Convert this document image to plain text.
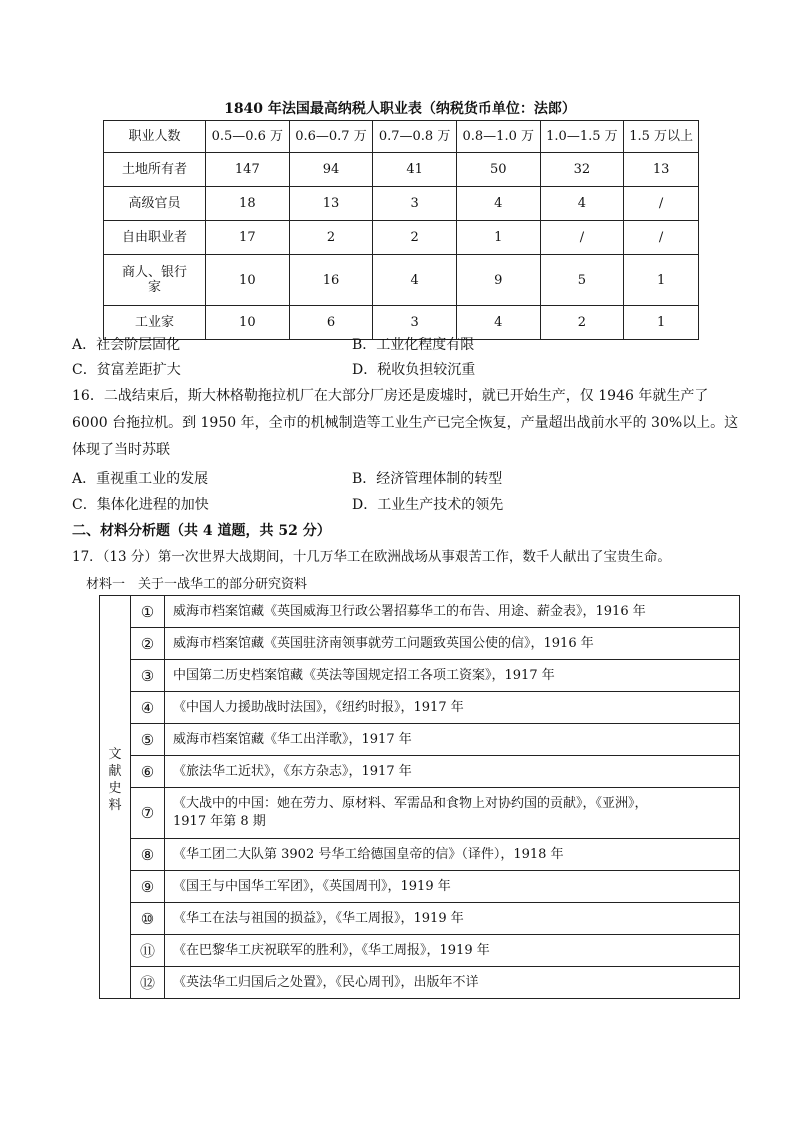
1840 年法国最高纳税人职业表（纳税货币单位：法郎）
职业人数	0.5—0.6 万	0.6—0.7 万	0.7—0.8 万	0.8—1.0 万	1.0—1.5 万	1.5 万以上
土地所有者	147	94	41	50	32	13
高级官员	18	13	3	4	4	/
自由职业者	17	2	2	1	/	/
商人、银行家	10	16	4	9	5	1
工业家	10	6	3	4	2	1
A．社会阶层固化	B．工业化程度有限
C．贫富差距扩大	D．税收负担较沉重
16．二战结束后，斯大林格勒拖拉机厂在大部分厂房还是废墟时，就已开始生产，仅 1946 年就生产了
6000 台拖拉机。到 1950 年，全市的机械制造等工业生产已完全恢复，产量超出战前水平的 30%以上。这
体现了当时苏联
A．重视重工业的发展	B．经济管理体制的转型
C．集体化进程的加快	D．工业生产技术的领先
二、材料分析题（共 4 道题，共 52 分）
17．（13 分）第一次世界大战期间，十几万华工在欧洲战场从事艰苦工作，数千人献出了宝贵生命。
材料一　关于一战华工的部分研究资料
文
献
史
料	①	威海市档案馆藏《英国威海卫行政公署招募华工的布告、用途、薪金表》，1916 年

	②	威海市档案馆藏《英国驻济南领事就劳工问题致英国公使的信》，1916 年

	③	中国第二历史档案馆藏《英法等国规定招工各项工资案》，1917 年

	④	《中国人力援助战时法国》，《纽约时报》，1917 年

	⑤	威海市档案馆藏《华工出洋歌》，1917 年

	⑥	《旅法华工近状》，《东方杂志》，1917 年

	⑦	《大战中的中国：她在劳力、原材料、军需品和食物上对协约国的贡献》，《亚洲》，
1917 年第 8 期

	⑧	《华工团二大队第 3902 号华工给德国皇帝的信》（译件），1918 年

	⑨	《国王与中国华工军团》，《英国周刊》，1919 年

	⑩	《华工在法与祖国的损益》，《华工周报》，1919 年

	⑪	《在巴黎华工庆祝联军的胜利》，《华工周报》，1919 年

	⑫	《英法华工归国后之处置》，《民心周刊》，出版年不详
